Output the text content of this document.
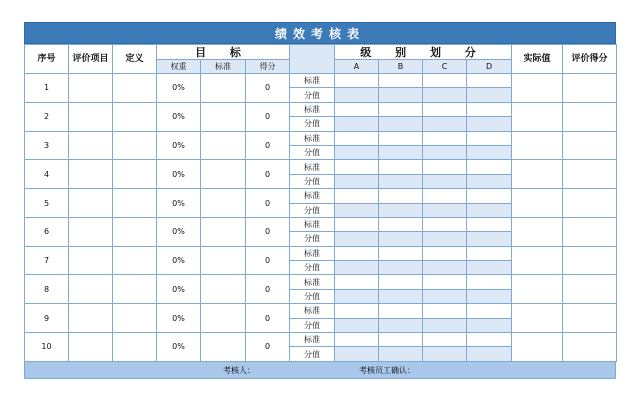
绩效考核表
序号	评价项目	定义	目 标				级 别 划 分				实际值	评价得分
			权重	标准	得分		A	B	C	D		
1			0%		0	标准						
						分值						
2			0%		0	标准						
						分值						
3			0%		0	标准						
						分值						
4			0%		0	标准						
						分值						
5			0%		0	标准						
						分值						
6			0%		0	标准						
						分值						
7			0%		0	标准						
						分值						
8			0%		0	标准						
						分值						
9			0%		0	标准						
						分值						
10			0%		0	标准						
						分值						
考核人：	考核员工确认：
